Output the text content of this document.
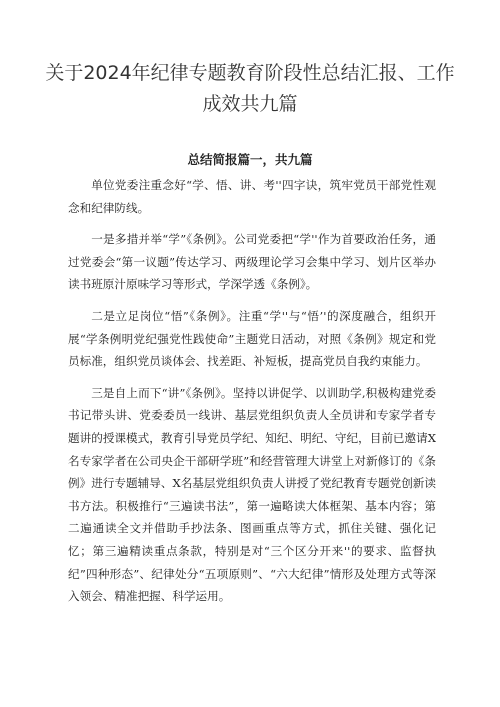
关于2024年纪律专题教育阶段性总结汇报、工作成效共九篇
总结简报篇一，共九篇

单位党委注重念好“学、悟、讲、考''四字诀，筑牢党员干部党性观念和纪律防线。

一是多措并举“学”《条例》。公司党委把“学''作为首要政治任务，通过党委会“第一议题”传达学习、两级理论学习会集中学习、划片区举办读书班原汁原味学习等形式，学深学透《条例》。

二是立足岗位“悟”《条例》。注重“学''与“悟’'的深度融合，组织开展“学条例明党纪强党性践使命”主题党日活动，对照《条例》规定和党员标准，组织党员谈体会、找差距、补短板，提高党员自我约束能力。

三是自上而下“讲”《条例》。坚持以讲促学、以训助学,积极构建党委书记带头讲、党委委员一线讲、基层党组织负责人全员讲和专家学者专题讲的授课模式，教育引导党员学纪、知纪、明纪、守纪，目前已邀请X名专家学者在公司央企干部研学班”和经营管理大讲堂上对新修订的《条例》进行专题辅导、X名基层党组织负责人讲授了党纪教育专题党创新读书方法。积极推行“三遍读书法”，第一遍略读大体框架、基本内容；第二遍通读全文并借助手抄法条、图画重点等方式，抓住关键、强化记忆；第三遍精读重点条款，特别是对“三个区分开来''的要求、监督执纪”四种形态”、纪律处分“五项原则”、“六大纪律”情形及处理方式等深入领会、精准把握、科学运用。
